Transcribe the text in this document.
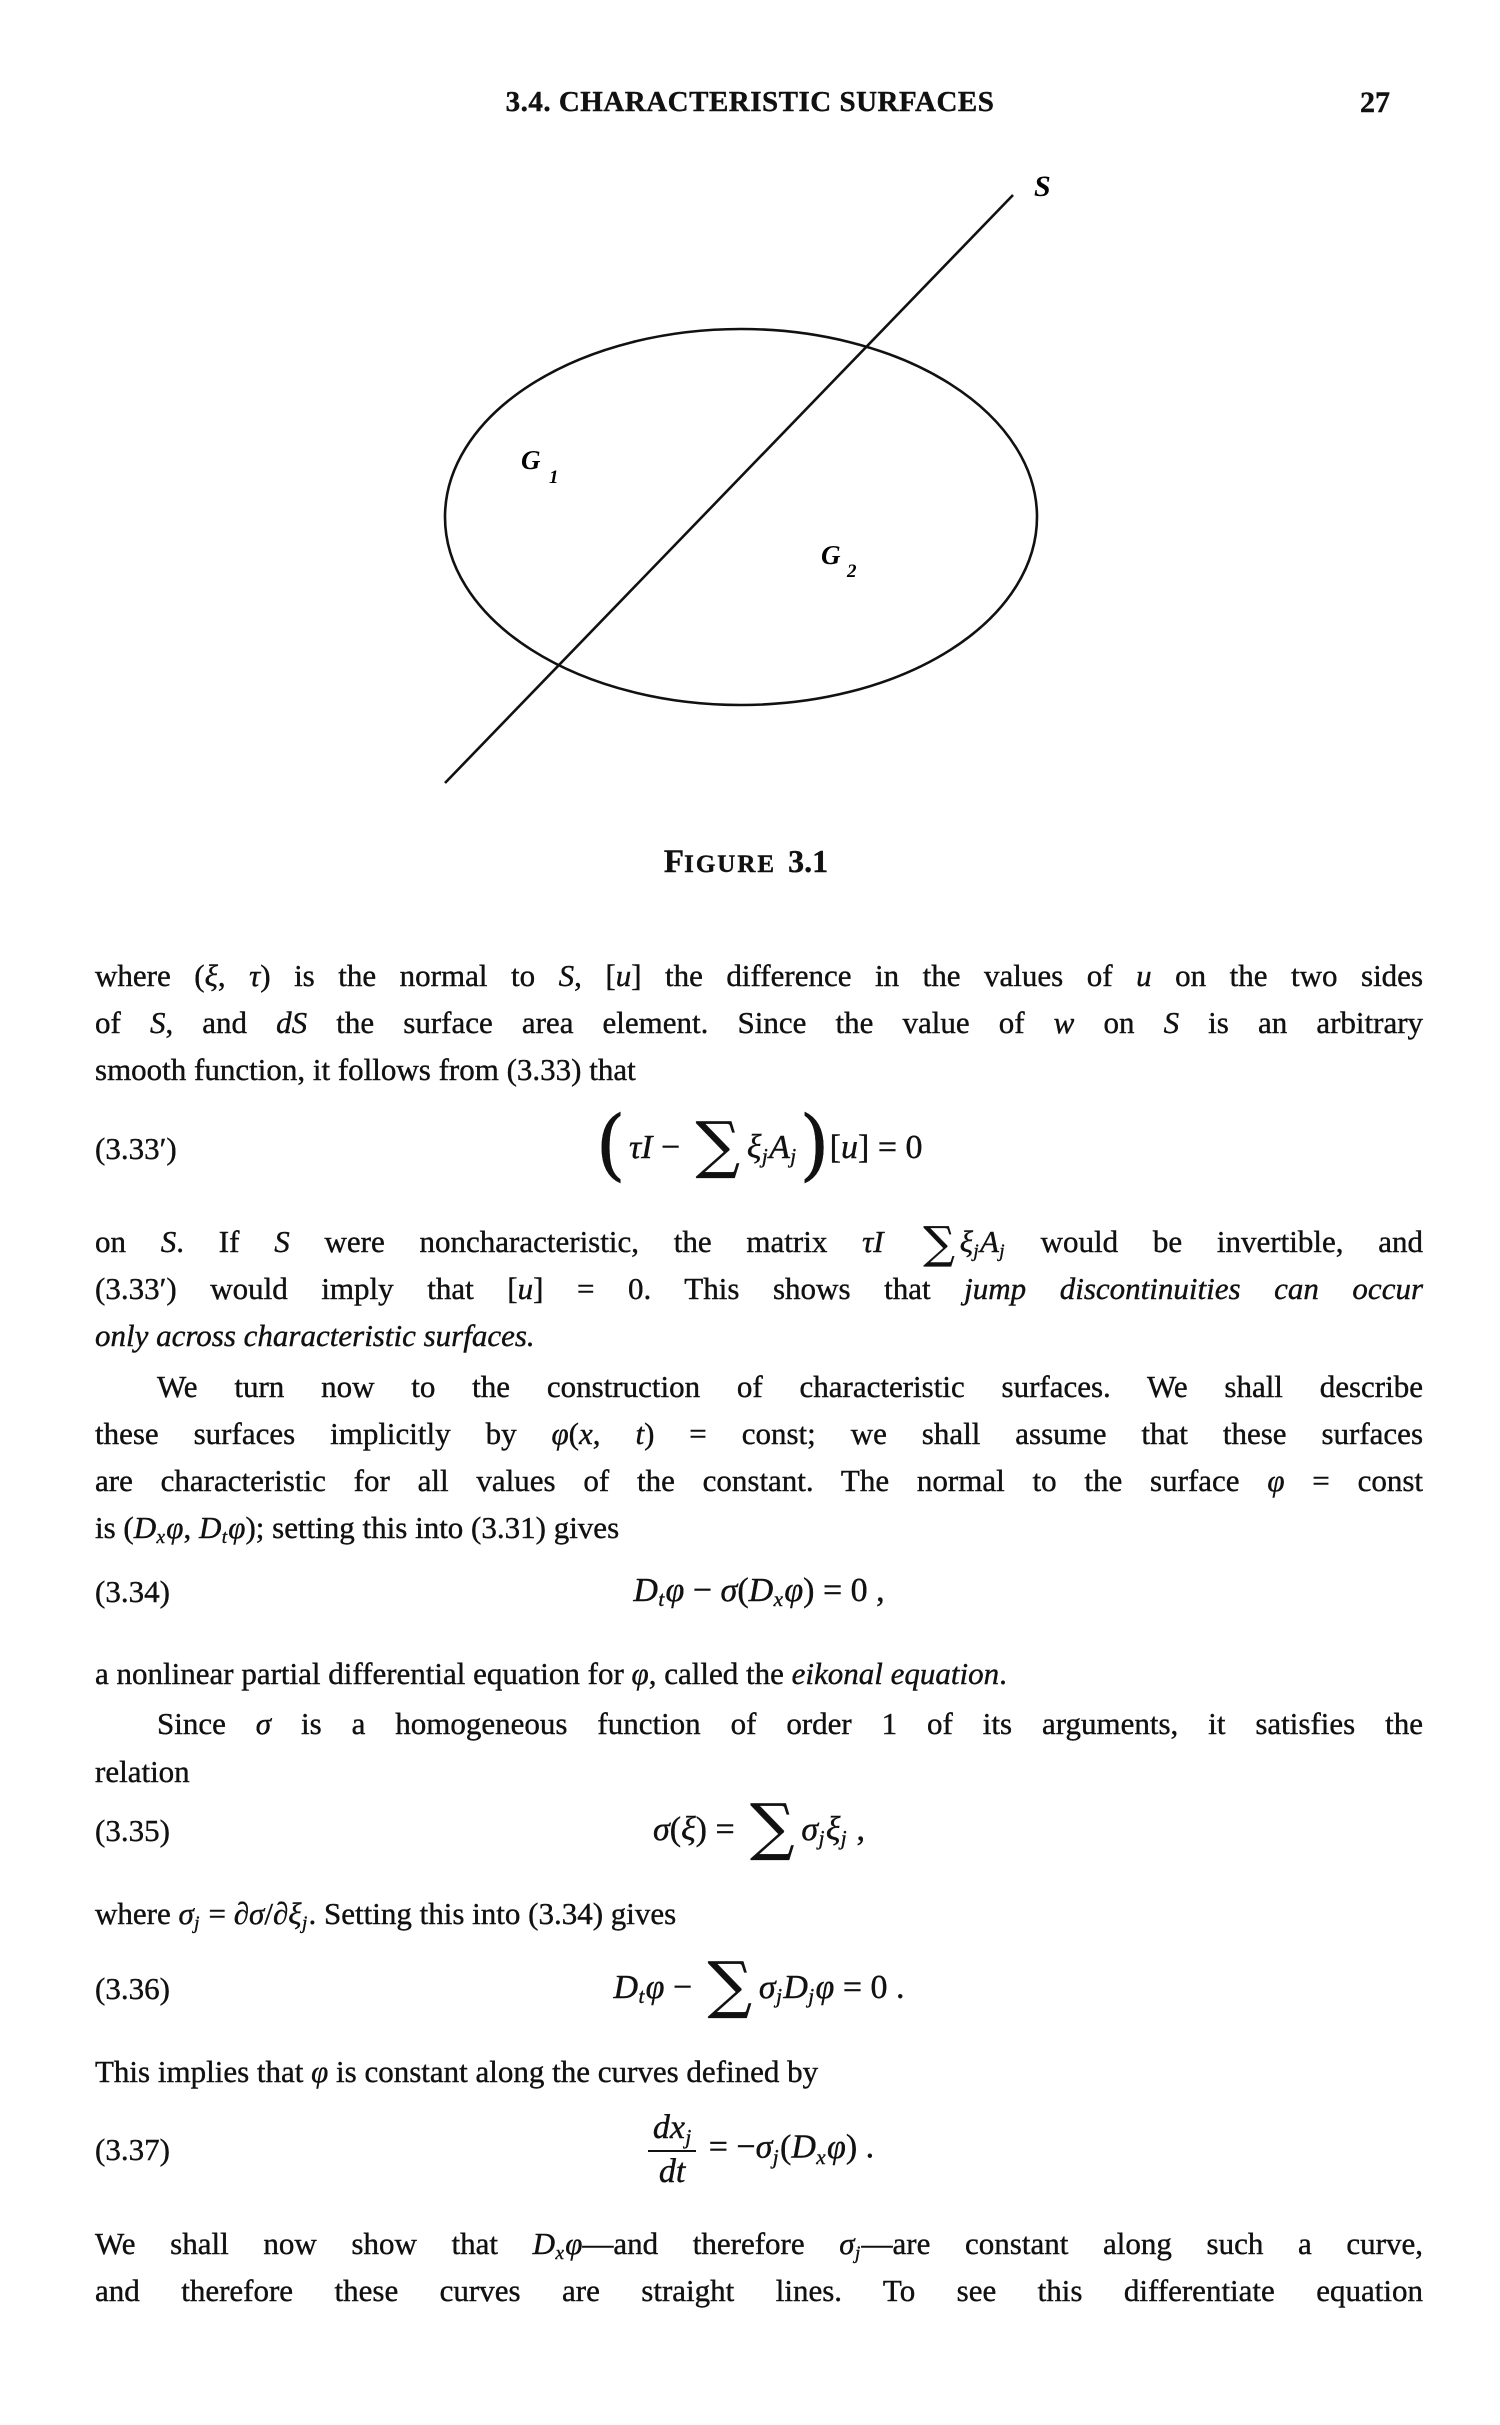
3.4. CHARACTERISTIC SURFACES	27
S
G
1
G
2
FIGURE 3.1
where (ξ, τ) is the normal to S, [u] the difference in the values of u on the two sides
of S, and dS the surface area element. Since the value of w on S is an arbitrary
smooth function, it follows from (3.33) that
(3.33′)	(τI − ∑ ξjAj)[u] = 0
on S. If S were noncharacteristic, the matrix τI ∑ ξjAj would be invertible, and
(3.33′) would imply that [u] = 0. This shows that jump discontinuities can occur
only across characteristic surfaces.
We turn now to the construction of characteristic surfaces. We shall describe
these surfaces implicitly by φ(x, t) = const; we shall assume that these surfaces
are characteristic for all values of the constant. The normal to the surface φ = const
is (Dxφ, Dtφ); setting this into (3.31) gives
(3.34)	Dtφ − σ(Dxφ) = 0 ,
a nonlinear partial differential equation for φ, called the eikonal equation.
Since σ is a homogeneous function of order 1 of its arguments, it satisfies the
relation
(3.35)	σ(ξ) = ∑ σjξj ,
where σj = ∂σ/∂ξj. Setting this into (3.34) gives
(3.36)	Dtφ − ∑ σjDjφ = 0 .
This implies that φ is constant along the curves defined by
(3.37)	$\frac{\text{dxj}}{dt} = -\sigma j(Dx\varphi)$ .
We shall now show that Dxφ—and therefore σj—are constant along such a curve,
and therefore these curves are straight lines. To see this differentiate equation
